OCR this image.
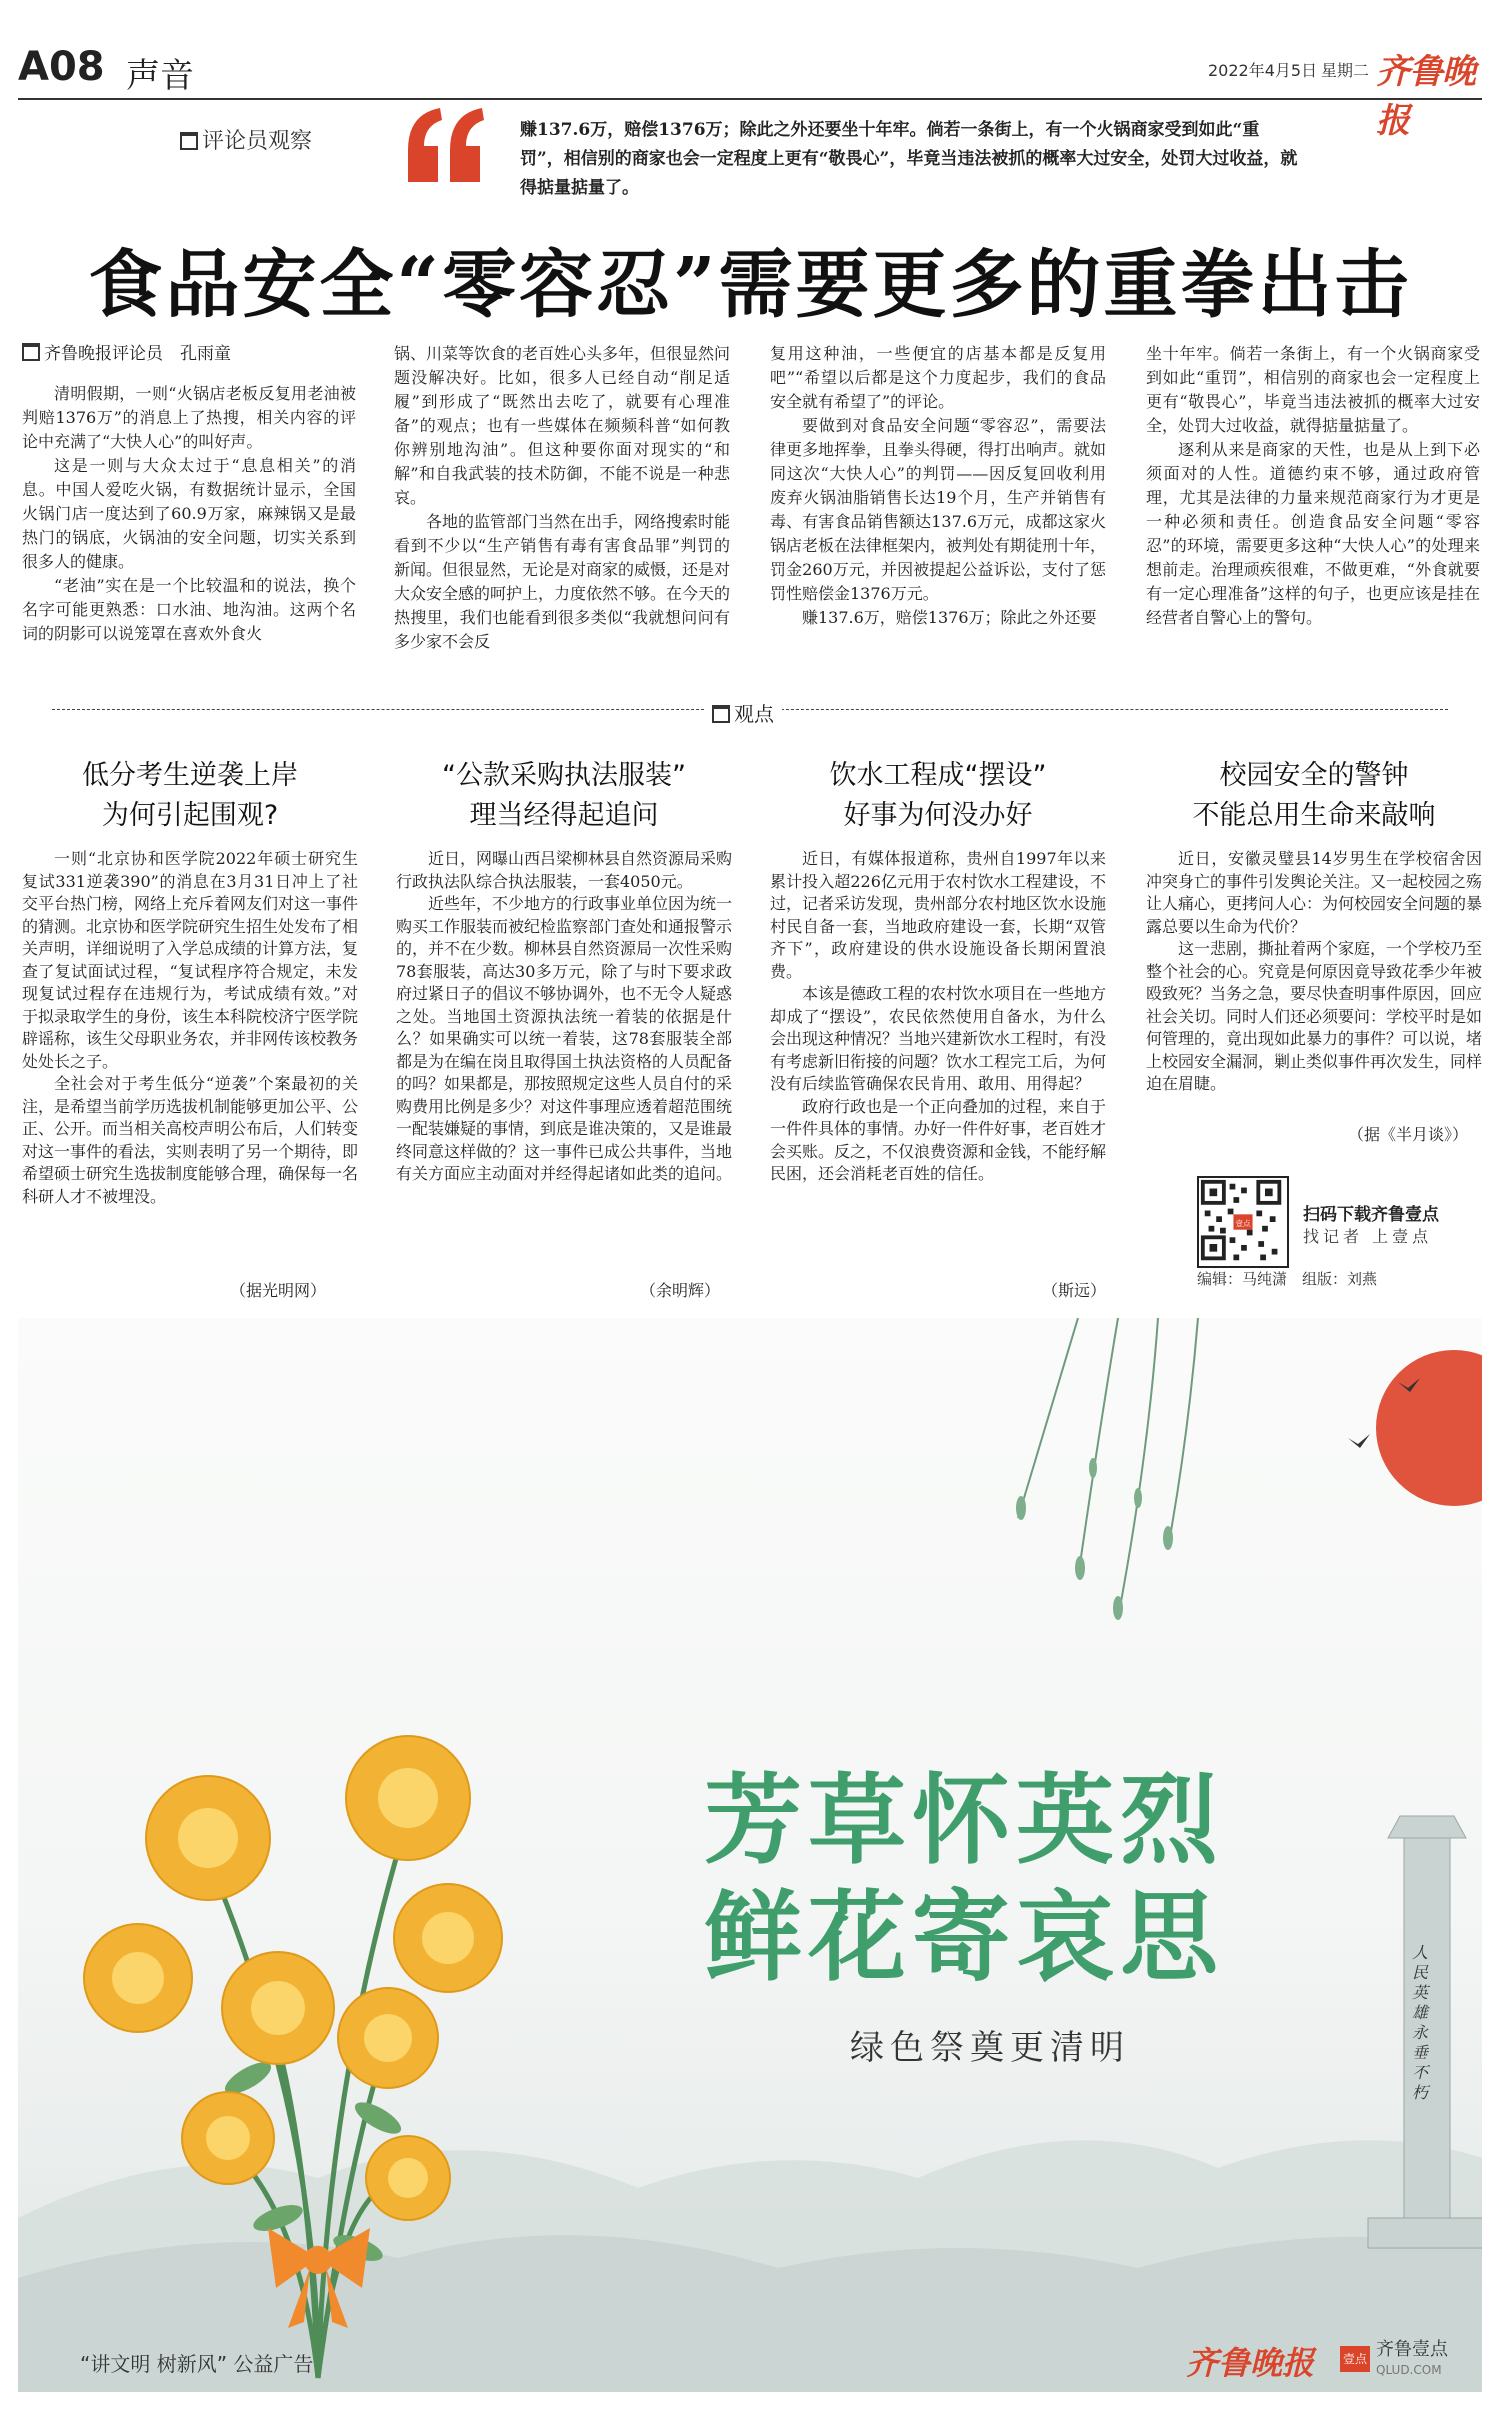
A08 声音	2022年4月5日 星期二 齐鲁晚报
评论员观察	赚137.6万，赔偿1376万；除此之外还要坐十年牢。倘若一条街上，有一个火锅商家受到如此“重罚”，相信别的商家也会一定程度上更有“敬畏心”，毕竟当违法被抓的概率大过安全，处罚大过收益，就得掂量掂量了。
食品安全“零容忍”需要更多的重拳出击
齐鲁晚报评论员　孔雨童

清明假期，一则“火锅店老板反复用老油被判赔1376万”的消息上了热搜，相关内容的评论中充满了“大快人心”的叫好声。

这是一则与大众太过于“息息相关”的消息。中国人爱吃火锅，有数据统计显示，全国火锅门店一度达到了60.9万家，麻辣锅又是最热门的锅底，火锅油的安全问题，切实关系到很多人的健康。

“老油”实在是一个比较温和的说法，换个名字可能更熟悉：口水油、地沟油。这两个名词的阴影可以说笼罩在喜欢外食火

锅、川菜等饮食的老百姓心头多年，但很显然问题没解决好。比如，很多人已经自动“削足适履”到形成了“既然出去吃了，就要有心理准备”的观点；也有一些媒体在频频科普“如何教你辨别地沟油”。但这种要你面对现实的“和解”和自我武装的技术防御，不能不说是一种悲哀。

各地的监管部门当然在出手，网络搜索时能看到不少以“生产销售有毒有害食品罪”判罚的新闻。但很显然，无论是对商家的威慑，还是对大众安全感的呵护上，力度依然不够。在今天的热搜里，我们也能看到很多类似“我就想问问有多少家不会反

复用这种油，一些便宜的店基本都是反复用吧”“希望以后都是这个力度起步，我们的食品安全就有希望了”的评论。

要做到对食品安全问题“零容忍”，需要法律更多地挥拳，且拳头得硬，得打出响声。就如同这次“大快人心”的判罚——因反复回收利用废弃火锅油脂销售长达19个月，生产并销售有毒、有害食品销售额达137.6万元，成都这家火锅店老板在法律框架内，被判处有期徒刑十年，罚金260万元，并因被提起公益诉讼，支付了惩罚性赔偿金1376万元。

赚137.6万，赔偿1376万；除此之外还要

坐十年牢。倘若一条街上，有一个火锅商家受到如此“重罚”，相信别的商家也会一定程度上更有“敬畏心”，毕竟当违法被抓的概率大过安全，处罚大过收益，就得掂量掂量了。

逐利从来是商家的天性，也是从上到下必须面对的人性。道德约束不够，通过政府管理，尤其是法律的力量来规范商家行为才更是一种必须和责任。创造食品安全问题“零容忍”的环境，需要更多这种“大快人心”的处理来想前走。治理顽疾很难，不做更难，“外食就要有一定心理准备”这样的句子，也更应该是挂在经营者自警心上的警句。

观点
低分考生逆袭上岸
为何引起围观?

一则“北京协和医学院2022年硕士研究生复试331逆袭390”的消息在3月31日冲上了社交平台热门榜，网络上充斥着网友们对这一事件的猜测。北京协和医学院研究生招生处发布了相关声明，详细说明了入学总成绩的计算方法，复查了复试面试过程，“复试程序符合规定，未发现复试过程存在违规行为，考试成绩有效。”对于拟录取学生的身份，该生本科院校济宁医学院辟谣称，该生父母职业务农，并非网传该校教务处处长之子。

全社会对于考生低分“逆袭”个案最初的关注，是希望当前学历选拔机制能够更加公平、公正、公开。而当相关高校声明公布后，人们转变对这一事件的看法，实则表明了另一个期待，即希望硕士研究生选拔制度能够合理，确保每一名科研人才不被埋没。

（据光明网）
“公款采购执法服装”
理当经得起追问

近日，网曝山西吕梁柳林县自然资源局采购行政执法队综合执法服装，一套4050元。

近些年，不少地方的行政事业单位因为统一购买工作服装而被纪检监察部门查处和通报警示的，并不在少数。柳林县自然资源局一次性采购78套服装，高达30多万元，除了与时下要求政府过紧日子的倡议不够协调外，也不无令人疑惑之处。当地国土资源执法统一着装的依据是什么？如果确实可以统一着装，这78套服装全部都是为在编在岗且取得国土执法资格的人员配备的吗？如果都是，那按照规定这些人员自付的采购费用比例是多少？对这件事理应透着超范围统一配装嫌疑的事情，到底是谁决策的，又是谁最终同意这样做的？这一事件已成公共事件，当地有关方面应主动面对并经得起诸如此类的追问。

（余明辉）
饮水工程成“摆设”
好事为何没办好

近日，有媒体报道称，贵州自1997年以来累计投入超226亿元用于农村饮水工程建设，不过，记者采访发现，贵州部分农村地区饮水设施村民自备一套，当地政府建设一套，长期“双管齐下”，政府建设的供水设施设备长期闲置浪费。

本该是德政工程的农村饮水项目在一些地方却成了“摆设”，农民依然使用自备水，为什么会出现这种情况？当地兴建新饮水工程时，有没有考虑新旧衔接的问题？饮水工程完工后，为何没有后续监管确保农民肯用、敢用、用得起？

政府行政也是一个正向叠加的过程，来自于一件件具体的事情。办好一件件好事，老百姓才会买账。反之，不仅浪费资源和金钱，不能纾解民困，还会消耗老百姓的信任。

（斯远）
校园安全的警钟
不能总用生命来敲响

近日，安徽灵璧县14岁男生在学校宿舍因冲突身亡的事件引发舆论关注。又一起校园之殇让人痛心，更拷问人心：为何校园安全问题的暴露总要以生命为代价？

这一悲剧，撕扯着两个家庭，一个学校乃至整个社会的心。究竟是何原因竟导致花季少年被殴致死？当务之急，要尽快查明事件原因，回应社会关切。同时人们还必须要问：学校平时是如何管理的，竟出现如此暴力的事件？可以说，堵上校园安全漏洞，剿止类似事件再次发生，同样迫在眉睫。

（据《半月谈》）
壹点	扫码下载齐鲁壹点
找记者 上壹点
编辑：马纯潇　组版：刘燕
芳草怀英烈
鲜花寄哀思
绿色祭奠更清明
人民英雄永垂不朽
“讲文明 树新风” 公益广告	齐鲁晚报 壹点 齐鲁壹点
QLUD.COM
